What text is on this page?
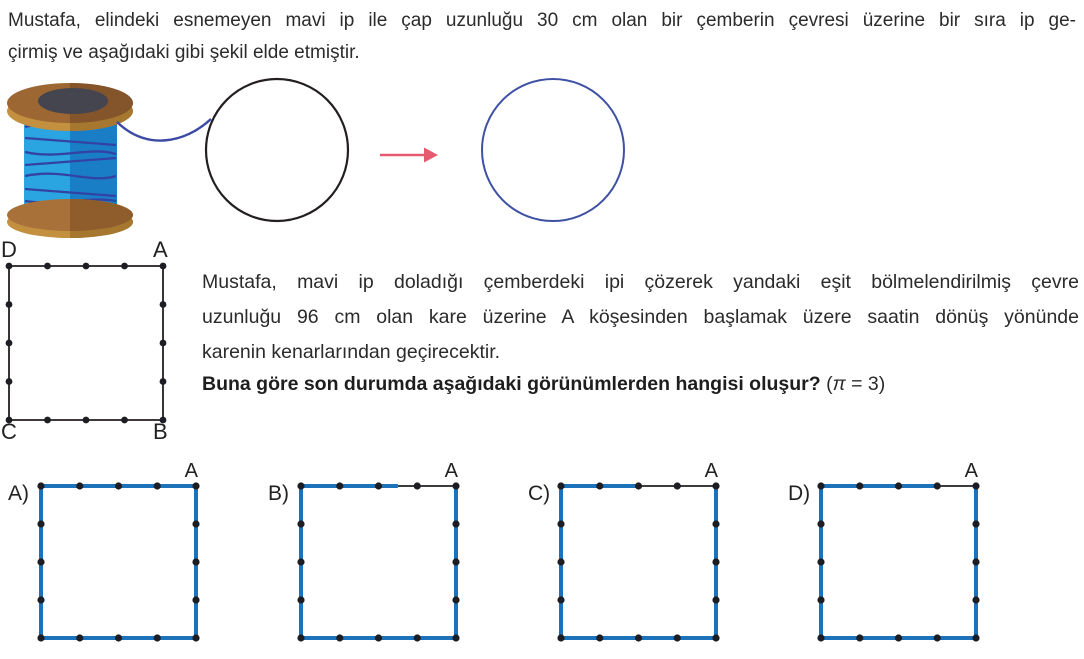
Mustafa, elindeki esnemeyen mavi ip ile çap uzunluğu 30 cm olan bir çemberin çevresi üzerine bir sıra ip ge-
çirmiş ve aşağıdaki gibi şekil elde etmiştir.
D	A
C	B
Mustafa, mavi ip doladığı çemberdeki ipi çözerek yandaki eşit bölmelendirilmiş çevre
uzunluğu 96 cm olan kare üzerine A köşesinden başlamak üzere saatin dönüş yönünde
karenin kenarlarından geçirecektir.
Buna göre son durumda aşağıdaki görünümlerden hangisi oluşur? (π = 3)
A)
A
B)
A
C)
A
D)
A
